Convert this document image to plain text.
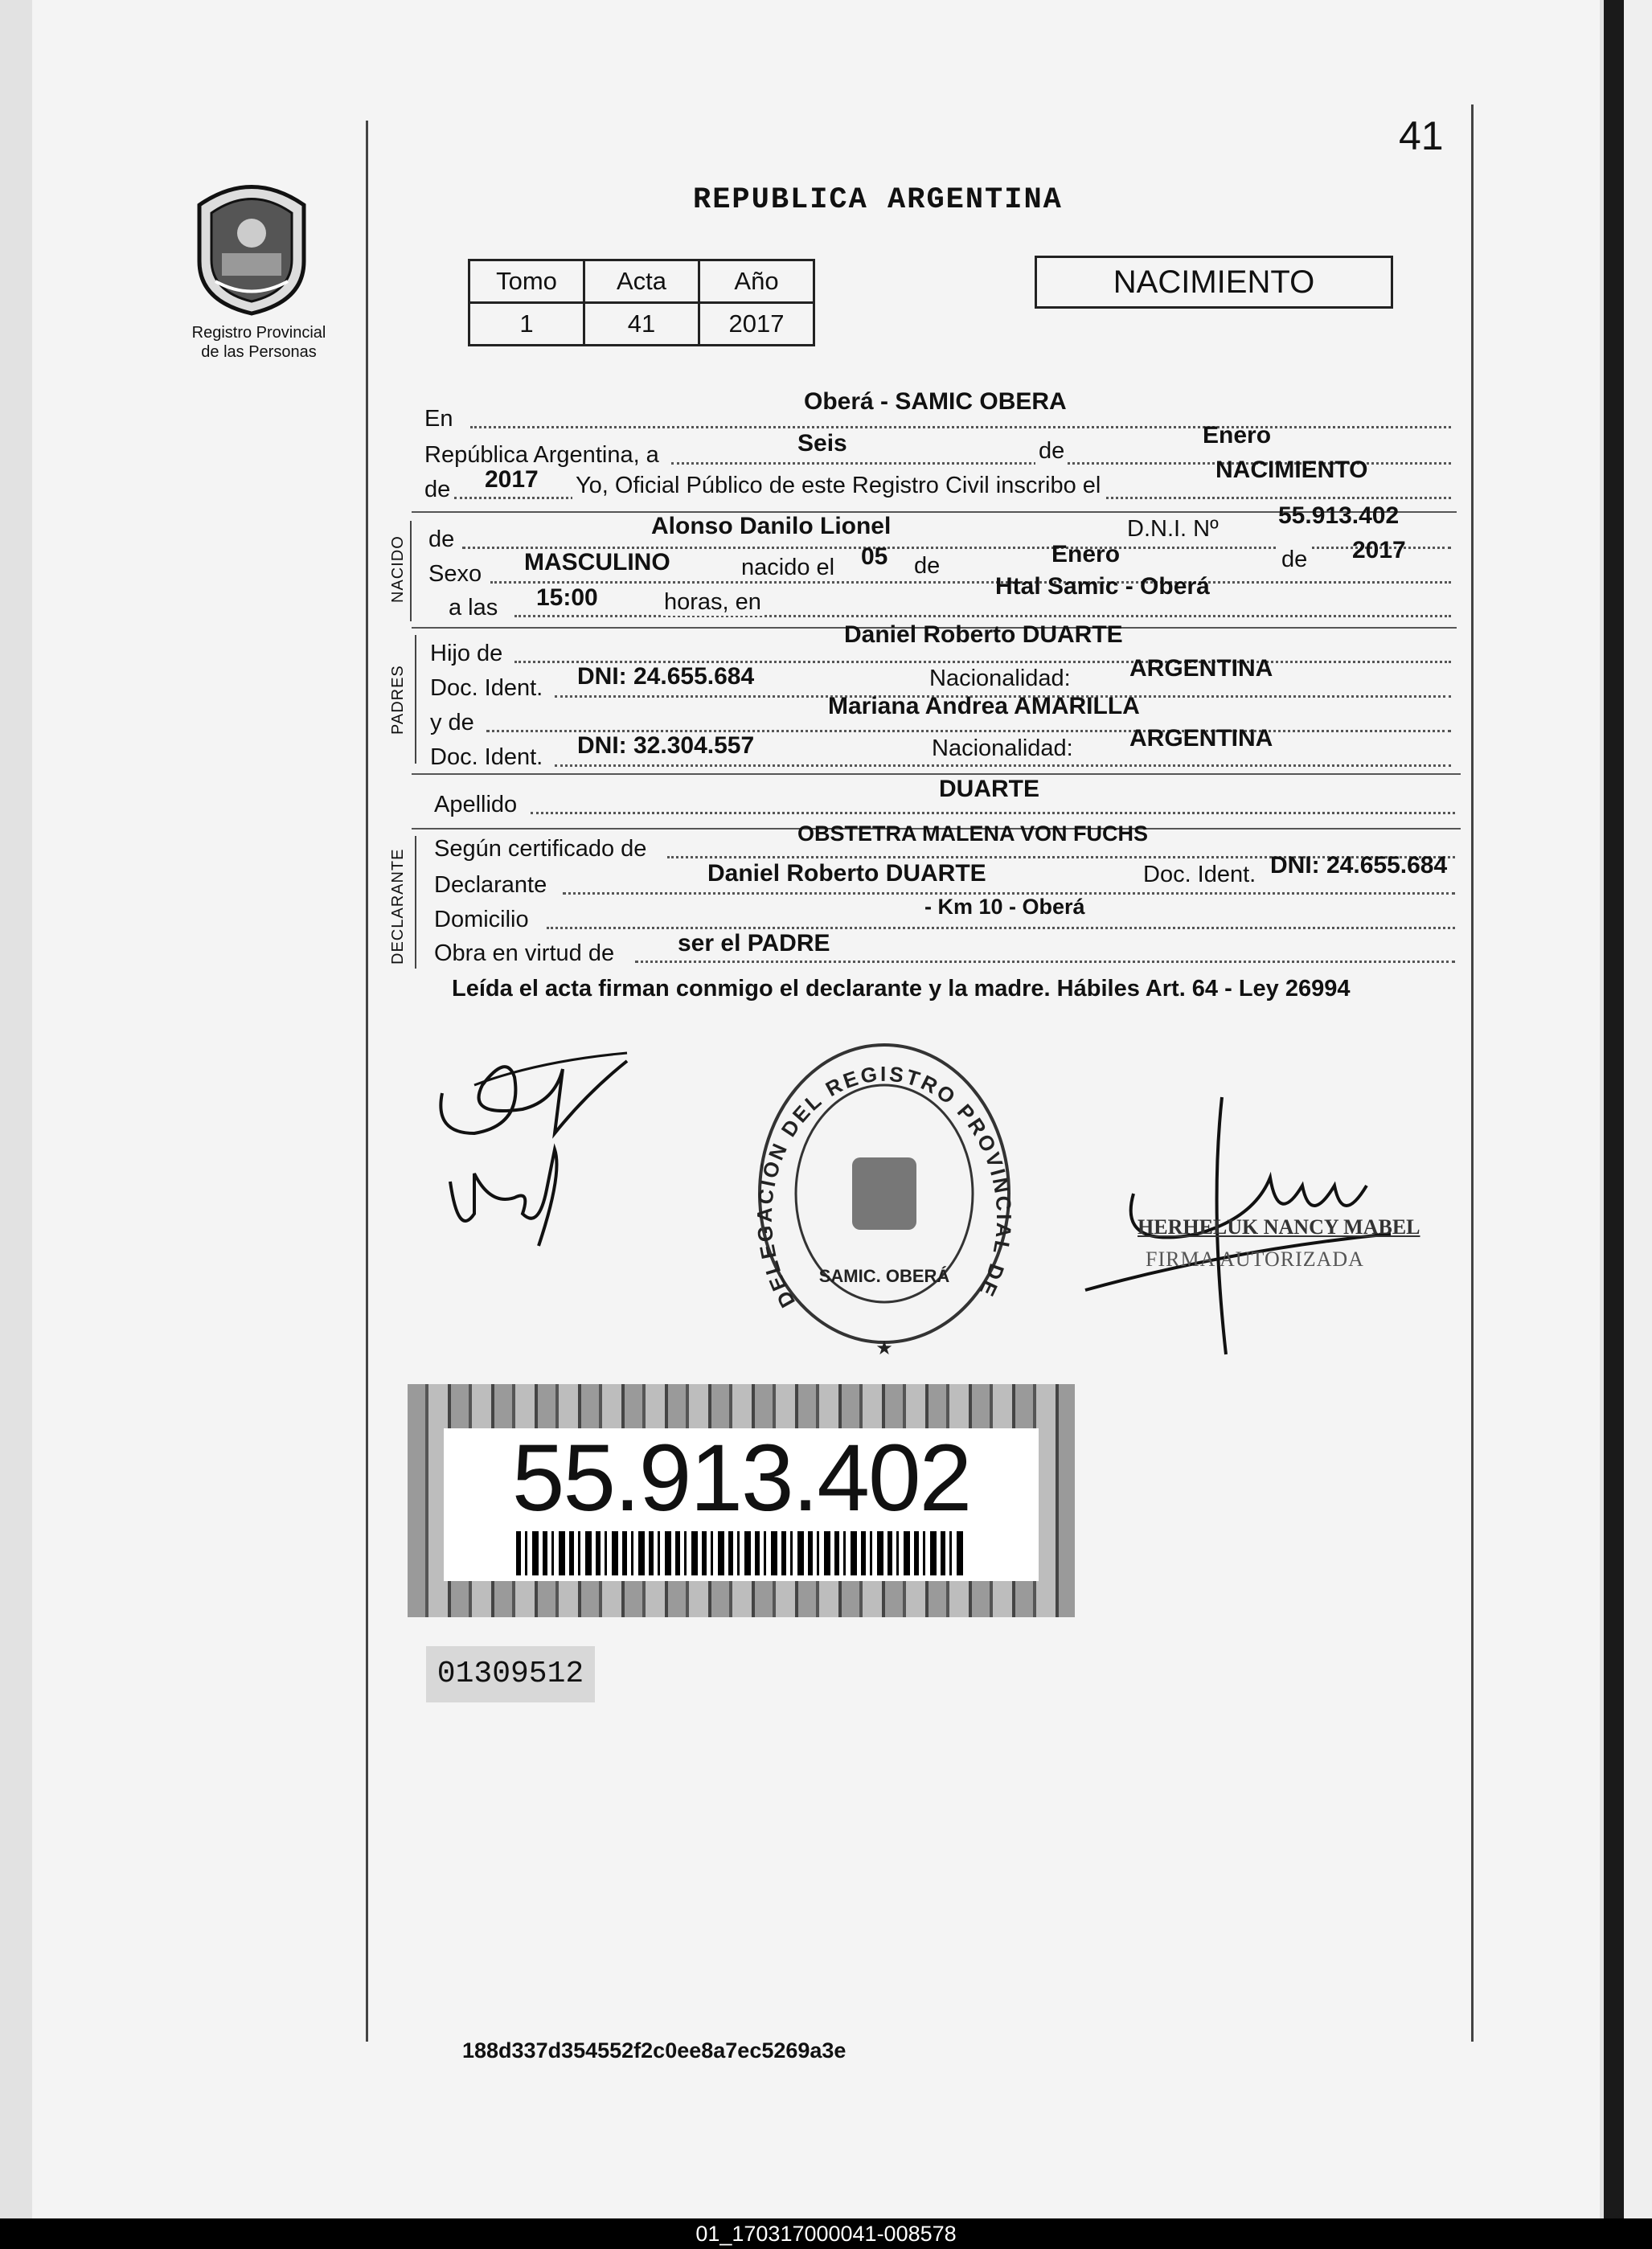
41
Registro Provincial
de las Personas
REPUBLICA ARGENTINA
Tomo	Acta	Año
1	41	2017
NACIMIENTO
En
Oberá - SAMIC OBERA
República Argentina, a	Seis	de
Enero
de 2017 Yo, Oficial Público de este Registro Civil inscribo el
NACIMIENTO
NACIDO de	Alonso Danilo Lionel	D.N.I. Nº 55.913.402
Sexo MASCULINO	nacido el 05 de	Enero	de 2017
a las 15:00	horas, en
Htal Samic - Oberá
PADRES
Hijo de
Daniel Roberto DUARTE
Doc. Ident. DNI: 24.655.684	Nacionalidad: ARGENTINA
y de
Mariana Andrea AMARILLA
Doc. Ident. DNI: 32.304.557	Nacionalidad: ARGENTINA
Apellido
DUARTE
DECLARANTE Según certificado de
OBSTETRA MALENA VON FUCHS
Declarante	Daniel Roberto DUARTE	Doc. Ident. DNI: 24.655.684
Domicilio	- Km 10 - Oberá
Obra en virtud de	ser el PADRE
Leída el acta firman conmigo el declarante y la madre. Hábiles Art. 64 - Ley 26994
DELEGACIÓN DEL REGISTRO PROVINCIAL DE
SAMIC. OBERÁ
★
HERHELUK NANCY MABEL
FIRMA AUTORIZADA
55.913.402
01309512
188d337d354552f2c0ee8a7ec5269a3e
01_170317000041-008578
